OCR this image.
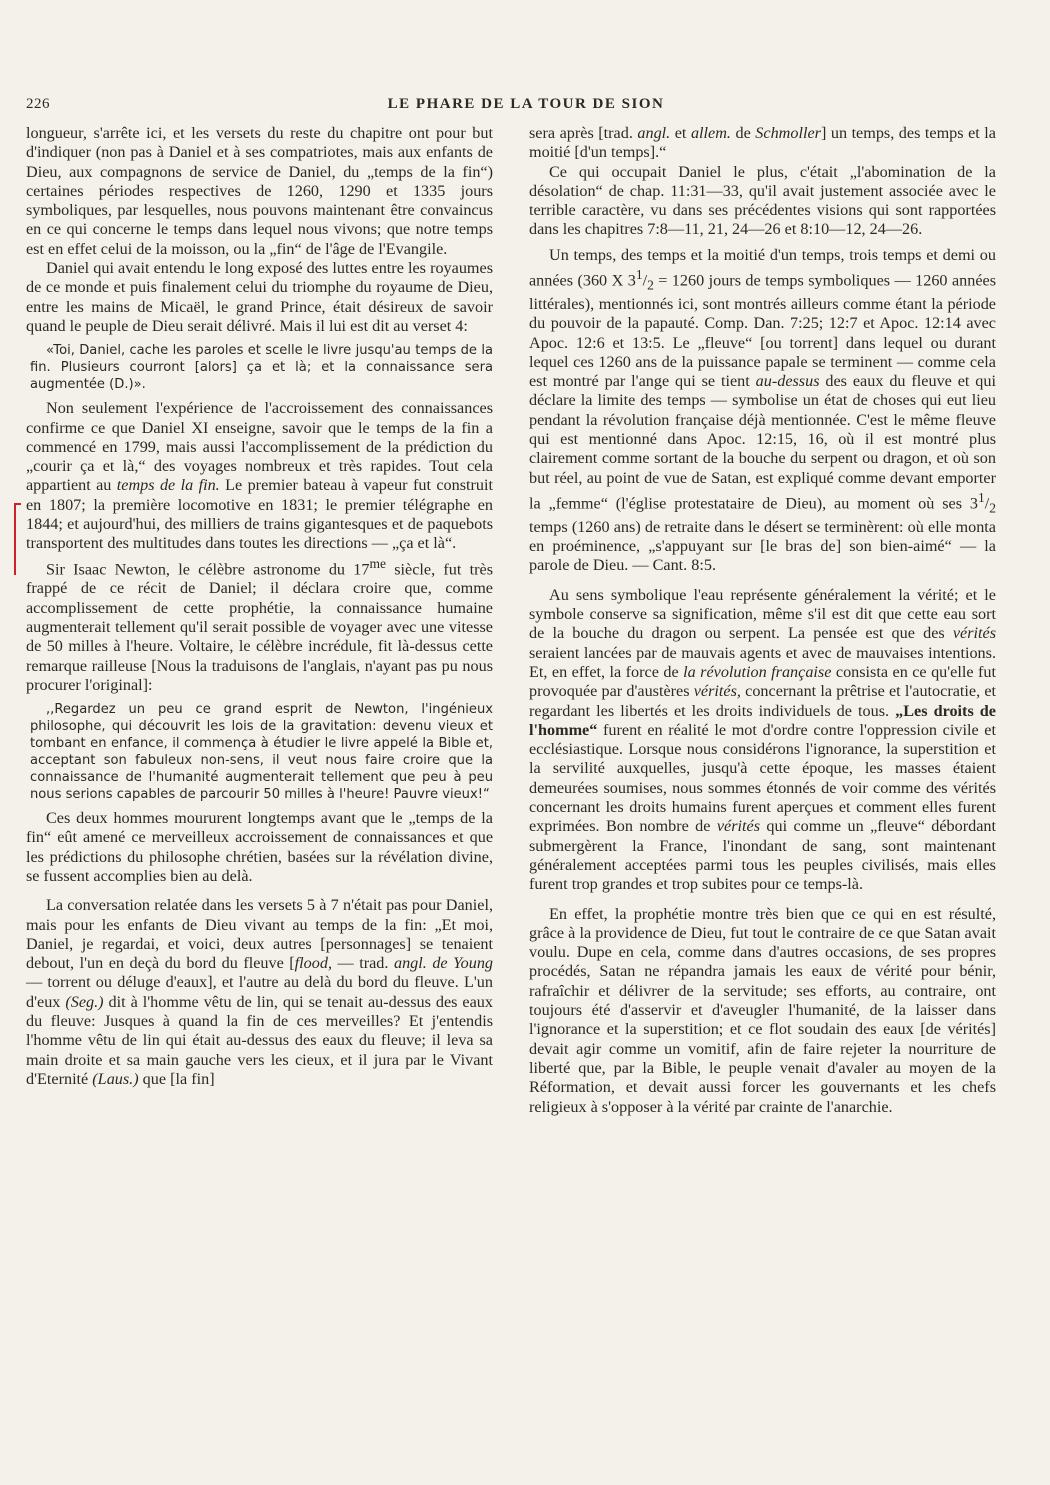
226	LE PHARE DE LA TOUR DE SION

longueur, s'arrête ici, et les versets du reste du chapitre ont pour but d'indiquer (non pas à Daniel et à ses compatriotes, mais aux enfants de Dieu, aux compagnons de service de Daniel, du „temps de la fin“) certaines périodes respectives de 1260, 1290 et 1335 jours symboliques, par lesquelles, nous pouvons maintenant être convaincus en ce qui concerne le temps dans lequel nous vivons; que notre temps est en effet celui de la moisson, ou la „fin“ de l'âge de l'Evangile.

Daniel qui avait entendu le long exposé des luttes entre les royaumes de ce monde et puis finalement celui du triomphe du royaume de Dieu, entre les mains de Micaël, le grand Prince, était désireux de savoir quand le peuple de Dieu serait délivré. Mais il lui est dit au verset 4:

«Toi, Daniel, cache les paroles et scelle le livre jusqu'au temps de la fin. Plusieurs courront [alors] ça et là; et la connaissance sera augmentée (D.)».

Non seulement l'expérience de l'accroissement des connaissances confirme ce que Daniel XI enseigne, savoir que le temps de la fin a commencé en 1799, mais aussi l'accomplissement de la prédiction du „courir ça et là,“ des voyages nombreux et très rapides. Tout cela appartient au temps de la fin. Le premier bateau à vapeur fut construit en 1807; la première locomotive en 1831; le premier télégraphe en 1844; et aujourd'hui, des milliers de trains gigantesques et de paquebots transportent des multitudes dans toutes les directions — „ça et là“.

Sir Isaac Newton, le célèbre astronome du $17^{me}$ siècle, fut très frappé de ce récit de Daniel; il déclara croire que, comme accomplissement de cette prophétie, la connaissance humaine augmenterait tellement qu'il serait possible de voyager avec une vitesse de 50 milles à l'heure. Voltaire, le célèbre incrédule, fit là-dessus cette remarque railleuse [Nous la traduisons de l'anglais, n'ayant pas pu nous procurer l'original]:

,,Regardez un peu ce grand esprit de Newton, l'ingénieux philosophe, qui découvrit les lois de la gravitation: devenu vieux et tombant en enfance, il commença à étudier le livre appelé la Bible et, acceptant son fabuleux non-sens, il veut nous faire croire que la connaissance de l'humanité augmenterait tellement que peu à peu nous serions capables de parcourir 50 milles à l'heure! Pauvre vieux!“

Ces deux hommes moururent longtemps avant que le „temps de la fin“ eût amené ce merveilleux accroissement de connaissances et que les prédictions du philosophe chrétien, basées sur la révélation divine, se fussent accomplies bien au delà.

La conversation relatée dans les versets 5 à 7 n'était pas pour Daniel, mais pour les enfants de Dieu vivant au temps de la fin: „Et moi, Daniel, je regardai, et voici, deux autres [personnages] se tenaient debout, l'un en deçà du bord du fleuve [flood, — trad. angl. de Young — torrent ou déluge d'eaux], et l'autre au delà du bord du fleuve. L'un d'eux (Seg.) dit à l'homme vêtu de lin, qui se tenait au-dessus des eaux du fleuve: Jusques à quand la fin de ces merveilles? Et j'entendis l'homme vêtu de lin qui était au-dessus des eaux du fleuve; il leva sa main droite et sa main gauche vers les cieux, et il jura par le Vivant d'Eternité (Laus.) que [la fin]

sera après [trad. angl. et allem. de Schmoller] un temps, des temps et la moitié [d'un temps].“

Ce qui occupait Daniel le plus, c'était „l'abomination de la désolation“ de chap. 11:31—33, qu'il avait justement associée avec le terrible caractère, vu dans ses précédentes visions qui sont rapportées dans les chapitres 7:8—11, 21, 24—26 et 8:10—12, 24—26.

Un temps, des temps et la moitié d'un temps, trois temps et demi ou années (360 X $3^1/_2 = 1260$ jours de temps symboliques — 1260 années littérales), mentionnés ici, sont montrés ailleurs comme étant la période du pouvoir de la papauté. Comp. Dan. 7:25; 12:7 et Apoc. 12:14 avec Apoc. 12:6 et 13:5. Le „fleuve“ [ou torrent] dans lequel ou durant lequel ces 1260 ans de la puissance papale se terminent — comme cela est montré par l'ange qui se tient au-dessus des eaux du fleuve et qui déclare la limite des temps — symbolise un état de choses qui eut lieu pendant la révolution française déjà mentionnée. C'est le même fleuve qui est mentionné dans Apoc. 12:15, 16, où il est montré plus clairement comme sortant de la bouche du serpent ou dragon, et où son but réel, au point de vue de Satan, est expliqué comme devant emporter la „femme“ (l'église protestataire de Dieu), au moment où ses $3^1/_2$ temps (1260 ans) de retraite dans le désert se terminèrent: où elle monta en proéminence, „s'appuyant sur [le bras de] son bien-aimé“ — la parole de Dieu. — Cant. 8:5.

Au sens symbolique l'eau représente généralement la vérité; et le symbole conserve sa signification, même s'il est dit que cette eau sort de la bouche du dragon ou serpent. La pensée est que des vérités seraient lancées par de mauvais agents et avec de mauvaises intentions. Et, en effet, la force de la révolution française consista en ce qu'elle fut provoquée par d'austères vérités, concernant la prêtrise et l'autocratie, et regardant les libertés et les droits individuels de tous. „Les droits de l'homme“ furent en réalité le mot d'ordre contre l'oppression civile et ecclésiastique. Lorsque nous considérons l'ignorance, la superstition et la servilité auxquelles, jusqu'à cette époque, les masses étaient demeurées soumises, nous sommes étonnés de voir comme des vérités concernant les droits humains furent aperçues et comment elles furent exprimées. Bon nombre de vérités qui comme un „fleuve“ débordant submergèrent la France, l'inondant de sang, sont maintenant généralement acceptées parmi tous les peuples civilisés, mais elles furent trop grandes et trop subites pour ce temps-là.

En effet, la prophétie montre très bien que ce qui en est résulté, grâce à la providence de Dieu, fut tout le contraire de ce que Satan avait voulu. Dupe en cela, comme dans d'autres occasions, de ses propres procédés, Satan ne répandra jamais les eaux de vérité pour bénir, rafraîchir et délivrer de la servitude; ses efforts, au contraire, ont toujours été d'asservir et d'aveugler l'humanité, de la laisser dans l'ignorance et la superstition; et ce flot soudain des eaux [de vérités] devait agir comme un vomitif, afin de faire rejeter la nourriture de liberté que, par la Bible, le peuple venait d'avaler au moyen de la Réformation, et devait aussi forcer les gouvernants et les chefs religieux à s'opposer à la vérité par crainte de l'anarchie.
